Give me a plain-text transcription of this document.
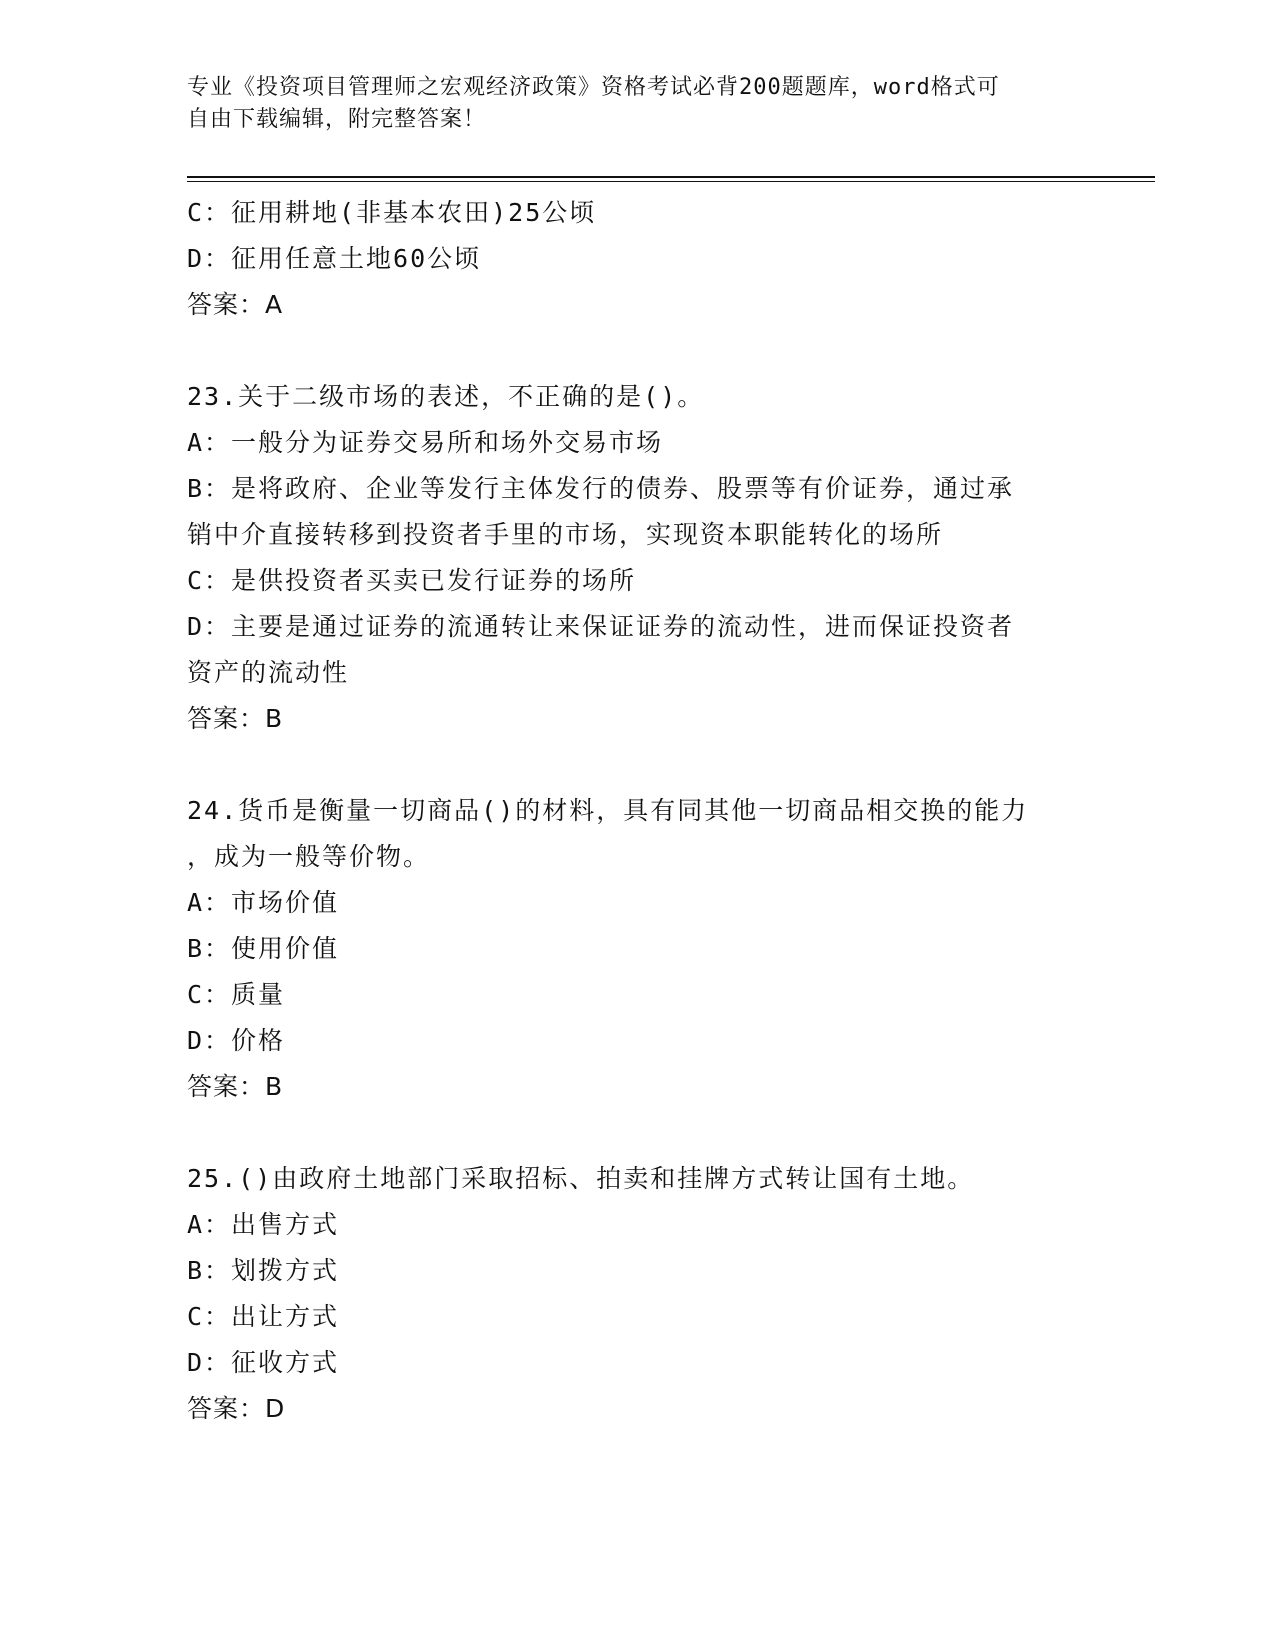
专业《投资项目管理师之宏观经济政策》资格考试必背200题题库，word格式可
自由下载编辑，附完整答案！
C：征用耕地(非基本农田)25公顷
D：征用任意土地60公顷
答案：A
23.关于二级市场的表述，不正确的是()。
A：一般分为证券交易所和场外交易市场
B：是将政府、企业等发行主体发行的债券、股票等有价证券，通过承
销中介直接转移到投资者手里的市场，实现资本职能转化的场所
C：是供投资者买卖已发行证券的场所
D：主要是通过证券的流通转让来保证证券的流动性，进而保证投资者
资产的流动性
答案：B
24.货币是衡量一切商品()的材料，具有同其他一切商品相交换的能力
，成为一般等价物。
A：市场价值
B：使用价值
C：质量
D：价格
答案：B
25.()由政府土地部门采取招标、拍卖和挂牌方式转让国有土地。
A：出售方式
B：划拨方式
C：出让方式
D：征收方式
答案：D
